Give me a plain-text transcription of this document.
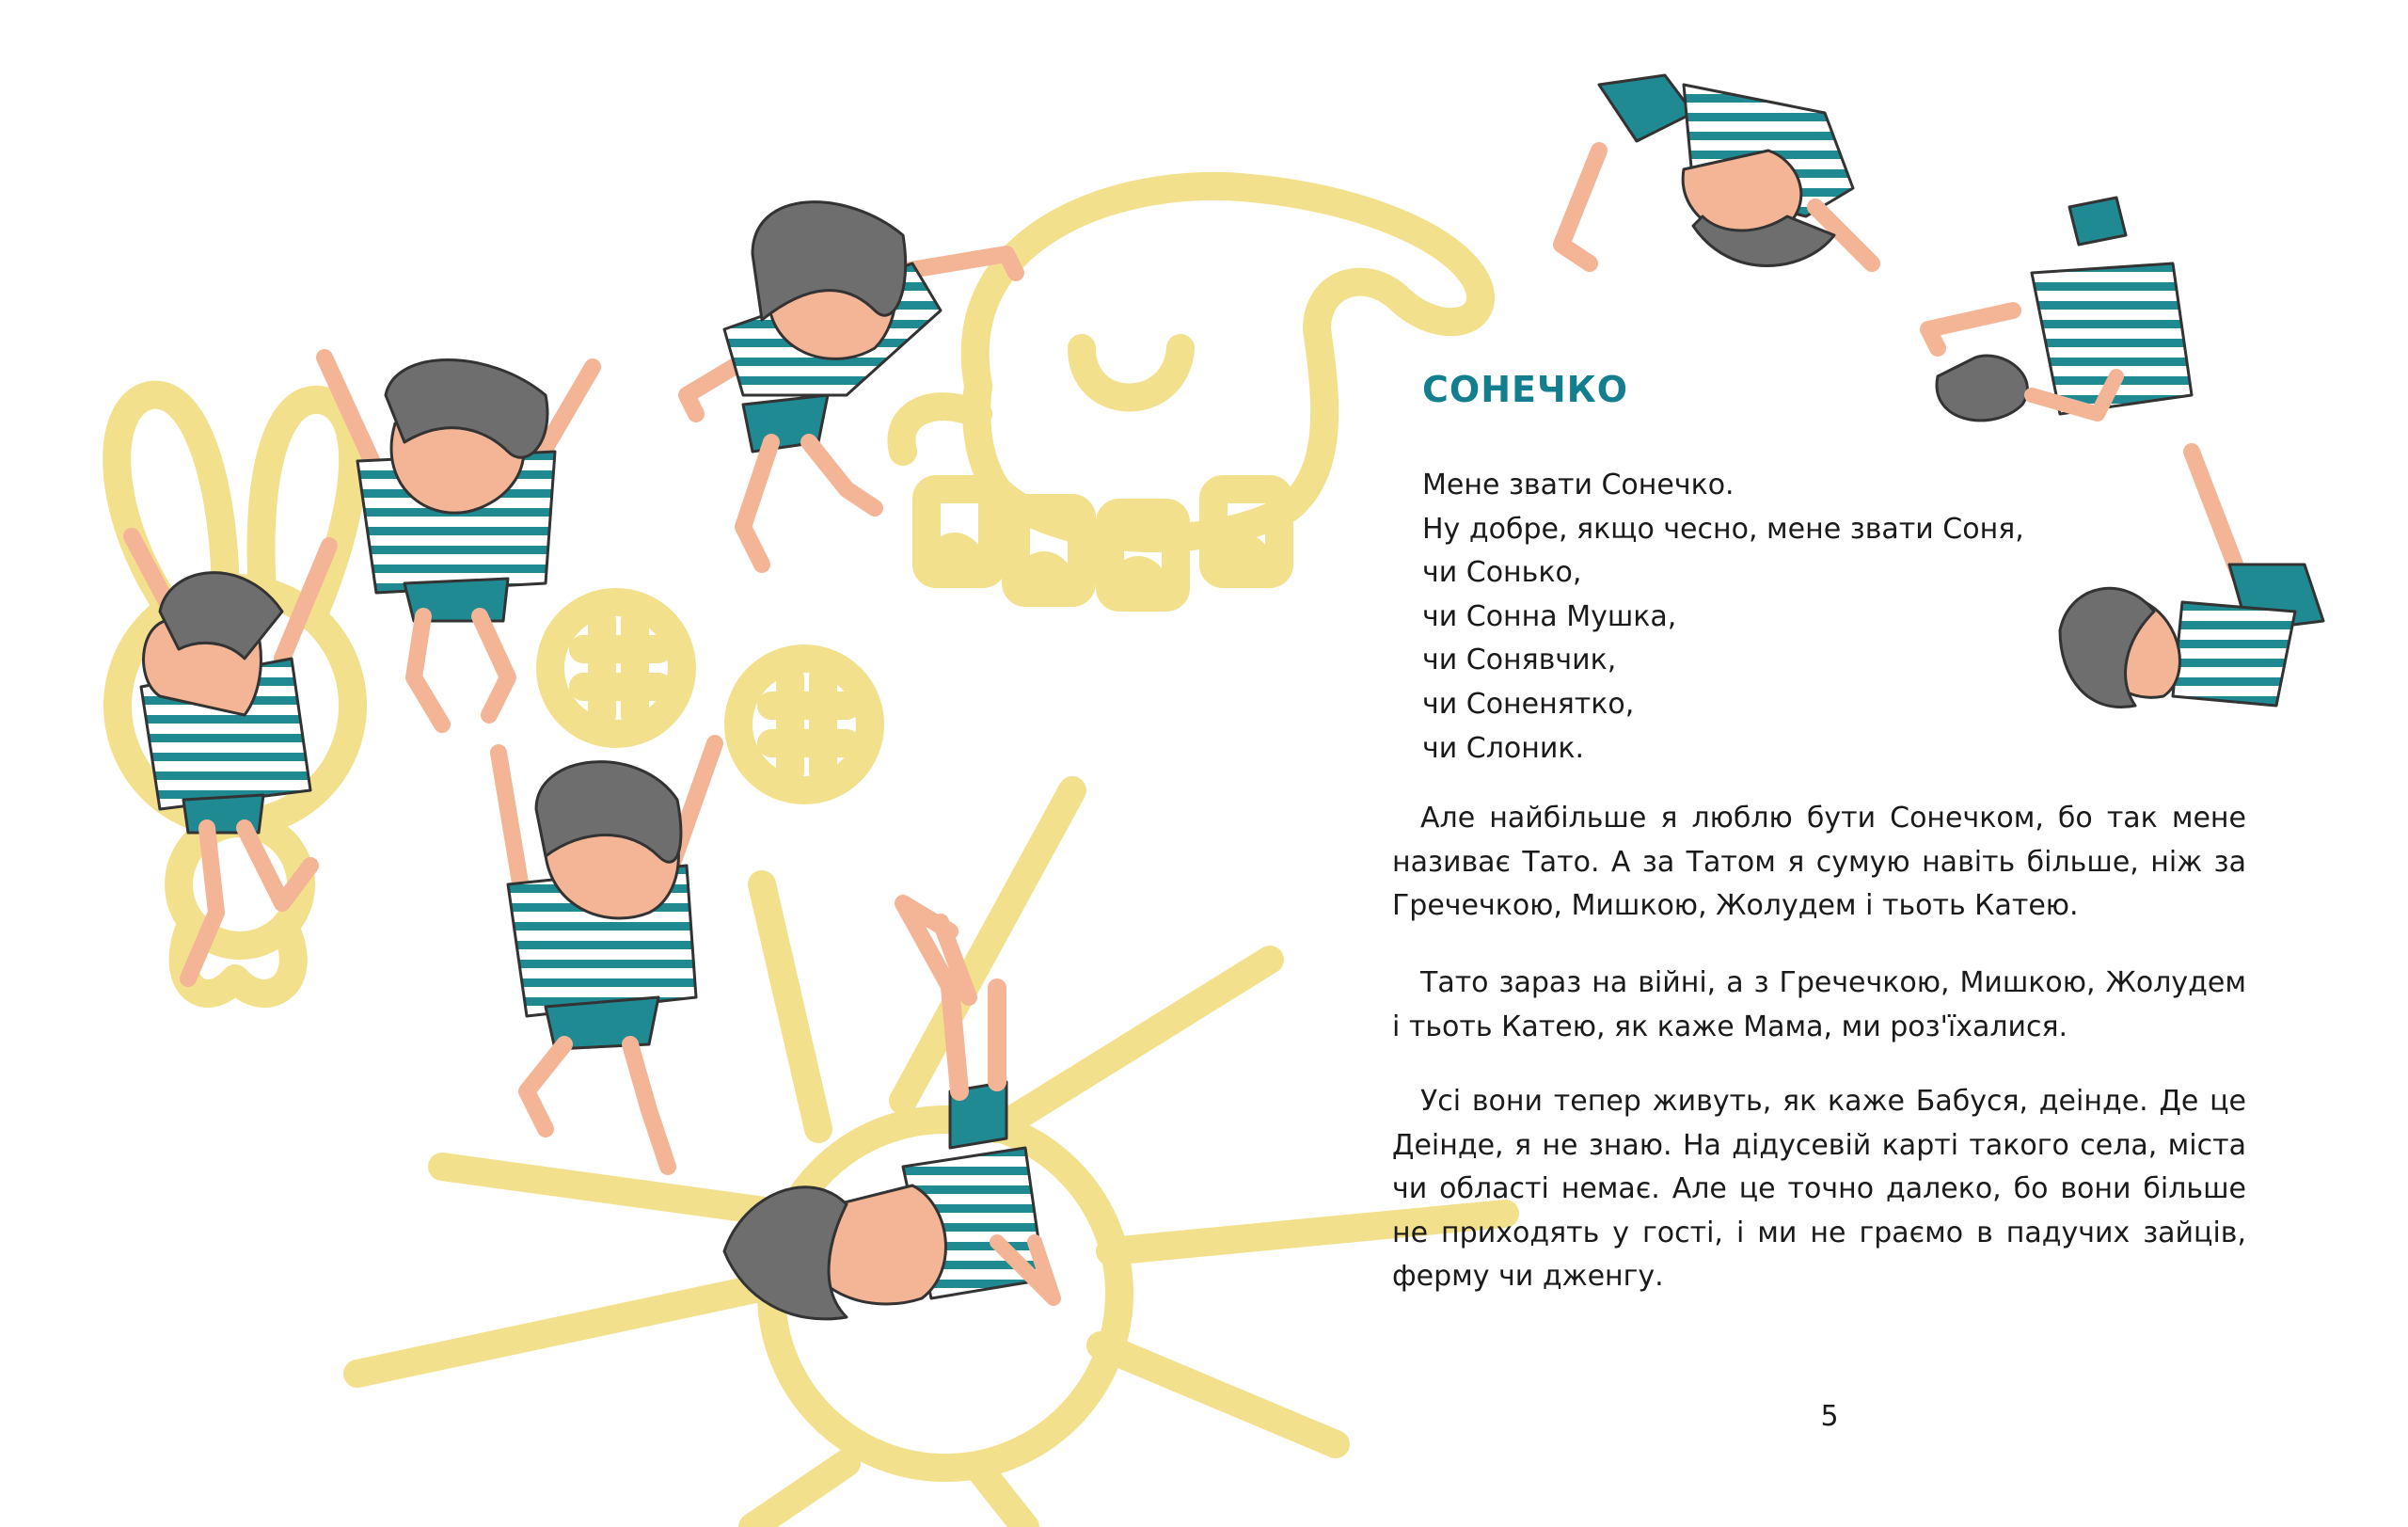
СОНЕЧКО
Мене звати Сонечко.
Ну добре, якщо чесно, мене звати Соня,
чи Сонько,
чи Сонна Мушка,
чи Сонявчик,
чи Соненятко,
чи Слоник.

Але найбільше я люблю бути Сонечком, бо так мене називає Тато. А за Татом я сумую навіть більше, ніж за Гречечкою, Мишкою, Жолудем і тьоть Катею.

Тато зараз на війні, а з Гречечкою, Мишкою, Жолудем і тьоть Катею, як каже Мама, ми роз'їхалися.

Усі вони тепер живуть, як каже Бабуся, деінде. Де це Деінде, я не знаю. На дідусевій карті такого села, міста чи області немає. Але це точно далеко, бо вони більше не приходять у гості, і ми не граємо в падучих зайців, ферму чи дженгу.

5
